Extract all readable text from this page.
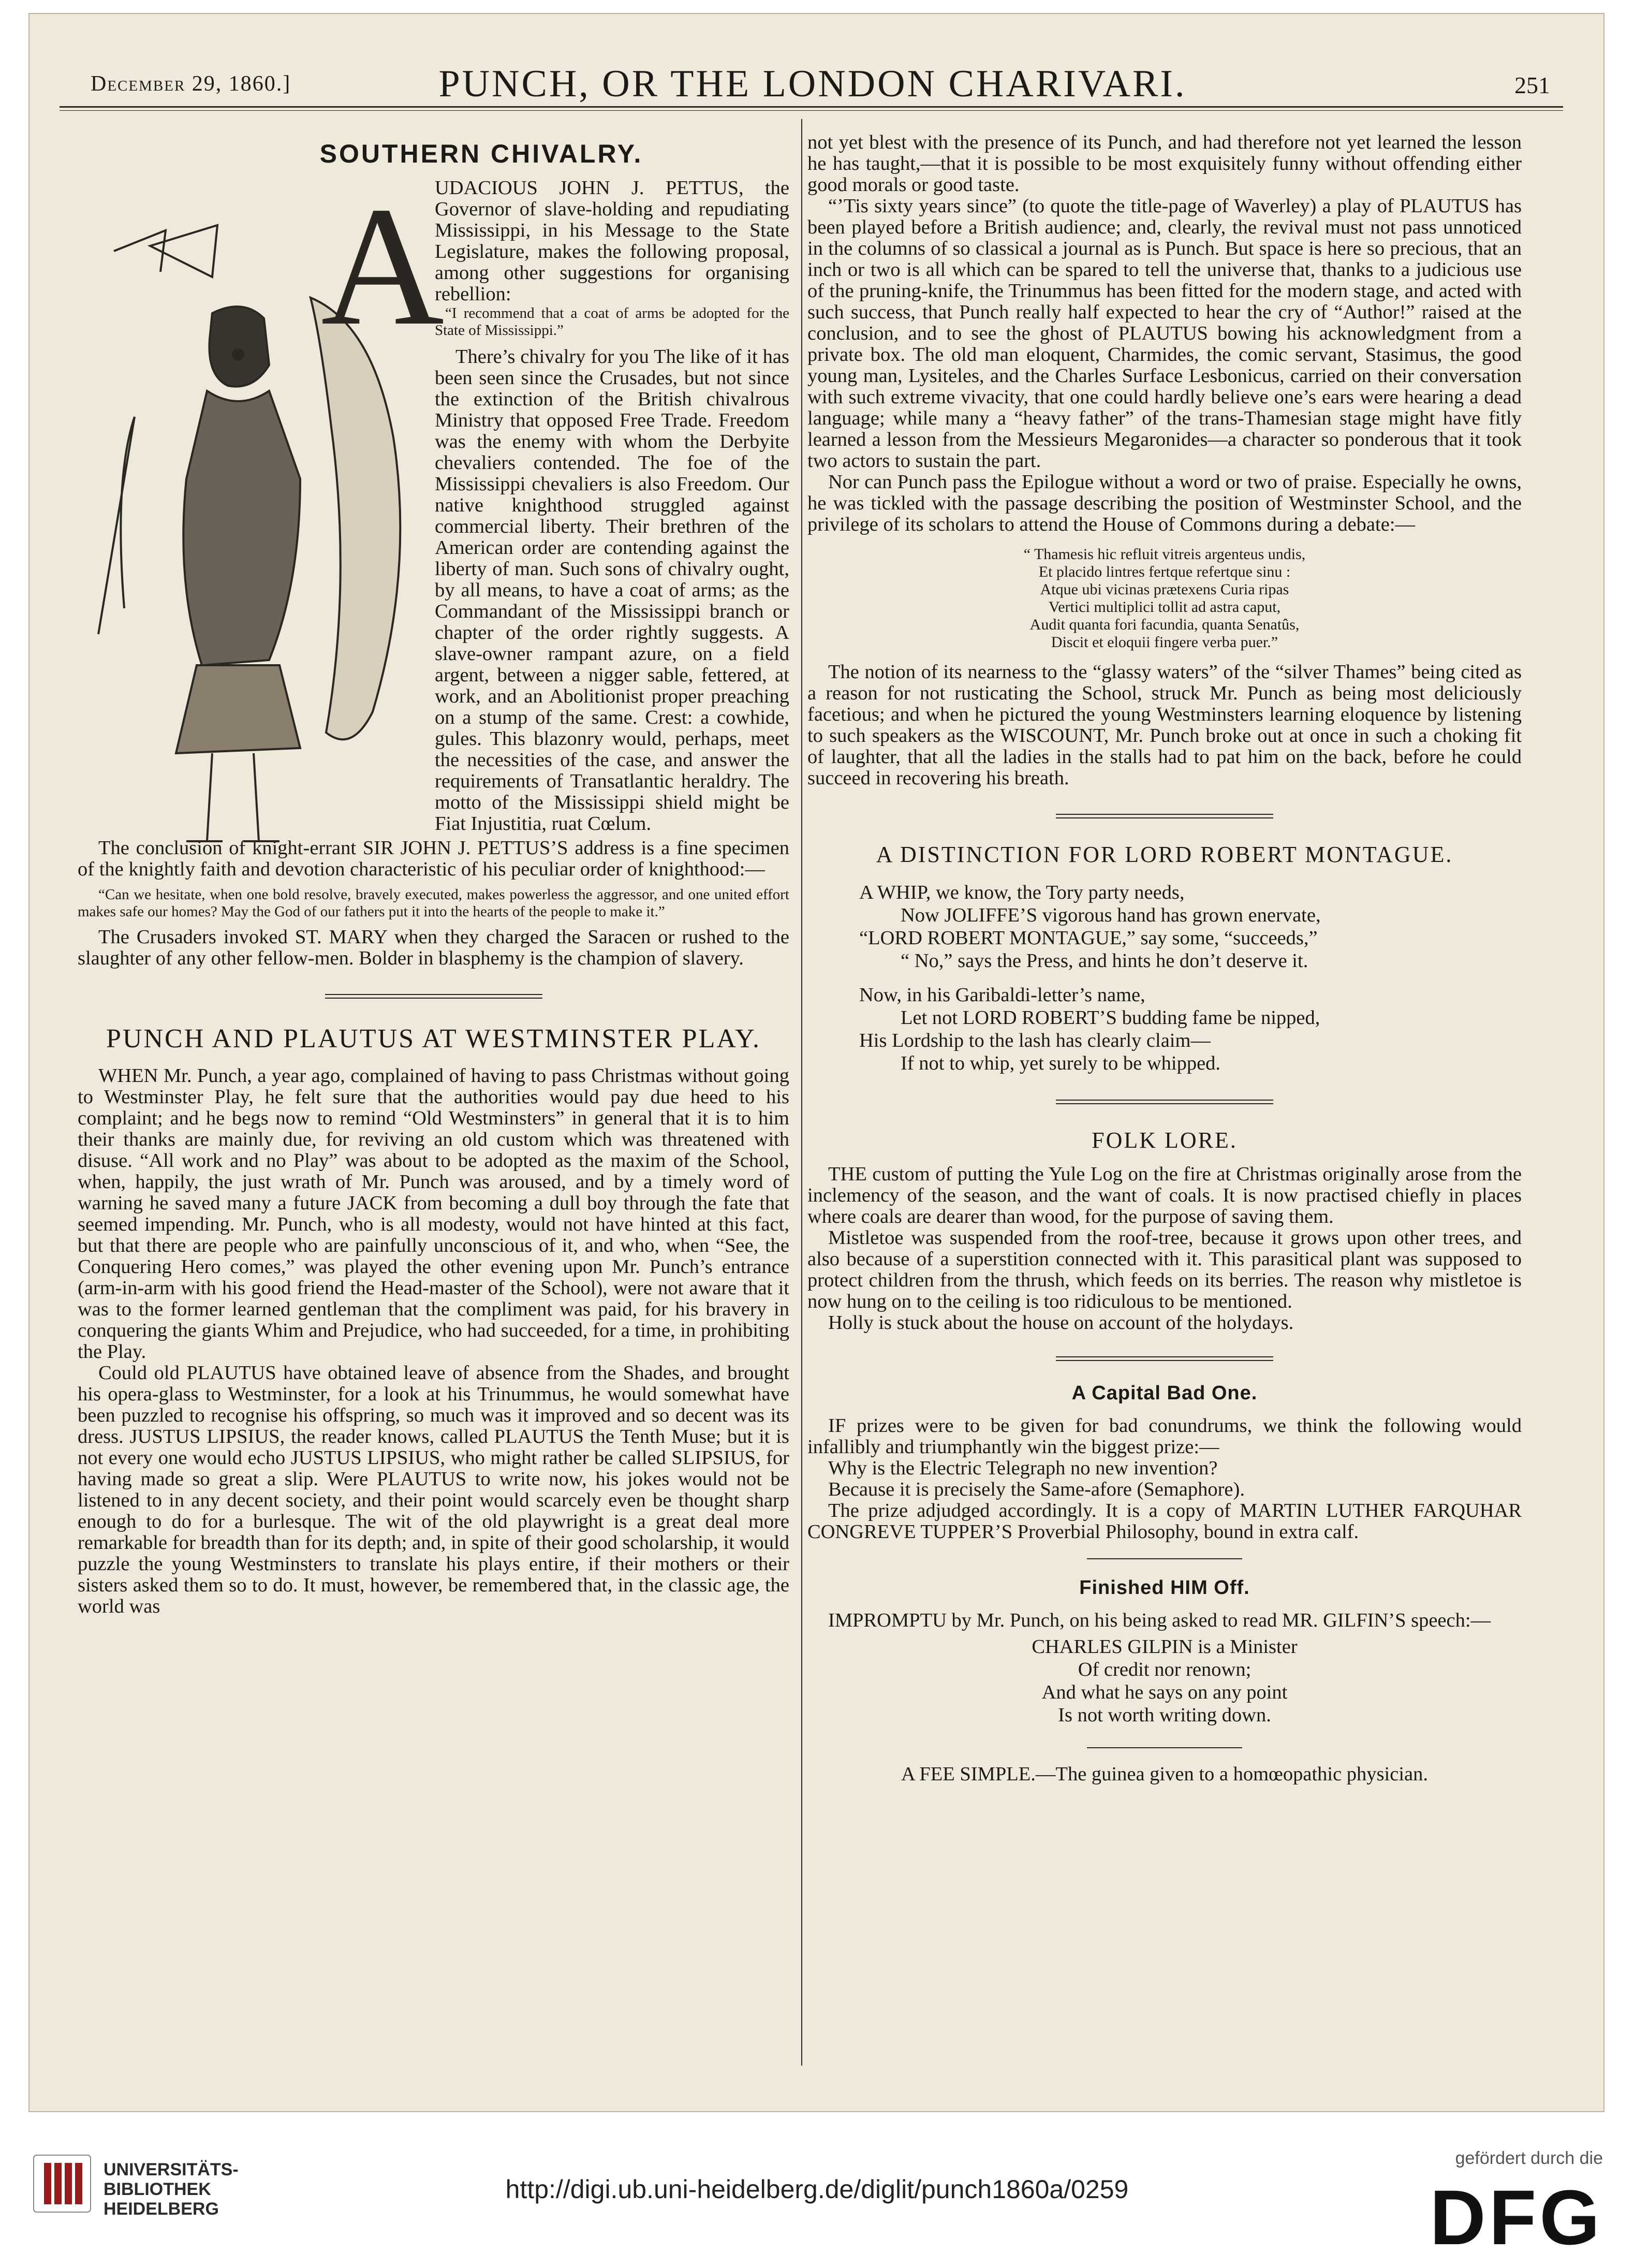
December 29, 1860.]	PUNCH, OR THE LONDON CHARIVARI.	251
SOUTHERN CHIVALRY.
A

UDACIOUS JOHN J. PETTUS, the Governor of slave-holding and repudiating Mississippi, in his Message to the State Legislature, makes the following proposal, among other suggestions for organising rebellion:

“I recommend that a coat of arms be adopted for the State of Mississippi.”

There’s chivalry for you The like of it has been seen since the Crusades, but not since the extinction of the British chivalrous Ministry that opposed Free Trade. Freedom was the enemy with whom the Derbyite chevaliers contended. The foe of the Mississippi chevaliers is also Freedom. Our native knighthood struggled against commercial liberty. Their brethren of the American order are contending against the liberty of man. Such sons of chivalry ought, by all means, to have a coat of arms; as the Commandant of the Mississippi branch or chapter of the order rightly suggests. A slave-owner rampant azure, on a field argent, between a nigger sable, fettered, at work, and an Abolitionist proper preaching on a stump of the same. Crest: a cowhide, gules. This blazonry would, perhaps, meet the necessities of the case, and answer the requirements of Transatlantic heraldry. The motto of the Mississippi shield might be Fiat Injustitia, ruat Cœlum.

The conclusion of knight-errant SIR JOHN J. PETTUS’S address is a fine specimen of the knightly faith and devotion characteristic of his peculiar order of knighthood:—

“Can we hesitate, when one bold resolve, bravely executed, makes powerless the aggressor, and one united effort makes safe our homes? May the God of our fathers put it into the hearts of the people to make it.”

The Crusaders invoked ST. MARY when they charged the Saracen or rushed to the slaughter of any other fellow-men. Bolder in blasphemy is the champion of slavery.

PUNCH AND PLAUTUS AT WESTMINSTER PLAY.

WHEN Mr. Punch, a year ago, complained of having to pass Christmas without going to Westminster Play, he felt sure that the authorities would pay due heed to his complaint; and he begs now to remind “Old Westminsters” in general that it is to him their thanks are mainly due, for reviving an old custom which was threatened with disuse. “All work and no Play” was about to be adopted as the maxim of the School, when, happily, the just wrath of Mr. Punch was aroused, and by a timely word of warning he saved many a future JACK from becoming a dull boy through the fate that seemed impending. Mr. Punch, who is all modesty, would not have hinted at this fact, but that there are people who are painfully unconscious of it, and who, when “See, the Conquering Hero comes,” was played the other evening upon Mr. Punch’s entrance (arm-in-arm with his good friend the Head-master of the School), were not aware that it was to the former learned gentleman that the compliment was paid, for his bravery in conquering the giants Whim and Prejudice, who had succeeded, for a time, in prohibiting the Play.

Could old PLAUTUS have obtained leave of absence from the Shades, and brought his opera-glass to Westminster, for a look at his Trinummus, he would somewhat have been puzzled to recognise his offspring, so much was it improved and so decent was its dress. JUSTUS LIPSIUS, the reader knows, called PLAUTUS the Tenth Muse; but it is not every one would echo JUSTUS LIPSIUS, who might rather be called SLIPSIUS, for having made so great a slip. Were PLAUTUS to write now, his jokes would not be listened to in any decent society, and their point would scarcely even be thought sharp enough to do for a burlesque. The wit of the old playwright is a great deal more remarkable for breadth than for its depth; and, in spite of their good scholarship, it would puzzle the young Westminsters to translate his plays entire, if their mothers or their sisters asked them so to do. It must, however, be remembered that, in the classic age, the world was

not yet blest with the presence of its Punch, and had therefore not yet learned the lesson he has taught,—that it is possible to be most exquisitely funny without offending either good morals or good taste.

“’Tis sixty years since” (to quote the title-page of Waverley) a play of PLAUTUS has been played before a British audience; and, clearly, the revival must not pass unnoticed in the columns of so classical a journal as is Punch. But space is here so precious, that an inch or two is all which can be spared to tell the universe that, thanks to a judicious use of the pruning-knife, the Trinummus has been fitted for the modern stage, and acted with such success, that Punch really half expected to hear the cry of “Author!” raised at the conclusion, and to see the ghost of PLAUTUS bowing his acknowledgment from a private box. The old man eloquent, Charmides, the comic servant, Stasimus, the good young man, Lysiteles, and the Charles Surface Lesbonicus, carried on their conversation with such extreme vivacity, that one could hardly believe one’s ears were hearing a dead language; while many a “heavy father” of the trans-Thamesian stage might have fitly learned a lesson from the Messieurs Megaronides—a character so ponderous that it took two actors to sustain the part.

Nor can Punch pass the Epilogue without a word or two of praise. Especially he owns, he was tickled with the passage describing the position of Westminster School, and the privilege of its scholars to attend the House of Commons during a debate:—

“ Thamesis hic refluit vitreis argenteus undis,
Et placido lintres fertque refertque sinu :
Atque ubi vicinas prætexens Curia ripas
Vertici multiplici tollit ad astra caput,
Audit quanta fori facundia, quanta Senatûs,
Discit et eloquii fingere verba puer.”

The notion of its nearness to the “glassy waters” of the “silver Thames” being cited as a reason for not rusticating the School, struck Mr. Punch as being most deliciously facetious; and when he pictured the young Westminsters learning eloquence by listening to such speakers as the WISCOUNT, Mr. Punch broke out at once in such a choking fit of laughter, that all the ladies in the stalls had to pat him on the back, before he could succeed in recovering his breath.

A DISTINCTION FOR LORD ROBERT MONTAGUE.
A WHIP, we know, the Tory party needs,
Now JOLIFFE’S vigorous hand has grown enervate,
“LORD ROBERT MONTAGUE,” say some, “succeeds,”
“ No,” says the Press, and hints he don’t deserve it.
Now, in his Garibaldi-letter’s name,
Let not LORD ROBERT’S budding fame be nipped,
His Lordship to the lash has clearly claim—
If not to whip, yet surely to be whipped.
FOLK LORE.

THE custom of putting the Yule Log on the fire at Christmas originally arose from the inclemency of the season, and the want of coals. It is now practised chiefly in places where coals are dearer than wood, for the purpose of saving them.

Mistletoe was suspended from the roof-tree, because it grows upon other trees, and also because of a superstition connected with it. This parasitical plant was supposed to protect children from the thrush, which feeds on its berries. The reason why mistletoe is now hung on to the ceiling is too ridiculous to be mentioned.

Holly is stuck about the house on account of the holydays.

A Capital Bad One.

IF prizes were to be given for bad conundrums, we think the following would infallibly and triumphantly win the biggest prize:—

Why is the Electric Telegraph no new invention?

Because it is precisely the Same-afore (Semaphore).

The prize adjudged accordingly. It is a copy of MARTIN LUTHER FARQUHAR CONGREVE TUPPER’S Proverbial Philosophy, bound in extra calf.

Finished HIM Off.

IMPROMPTU by Mr. Punch, on his being asked to read MR. GILFIN’S speech:—

CHARLES GILPIN is a Minister
Of credit nor renown;
And what he says on any point
Is not worth writing down.

A FEE SIMPLE.—The guinea given to a homœopathic physician.

UNIVERSITÄTS-
BIBLIOTHEK
HEIDELBERG
http://digi.ub.uni-heidelberg.de/diglit/punch1860a/0259
gefördert durch die
DFG
